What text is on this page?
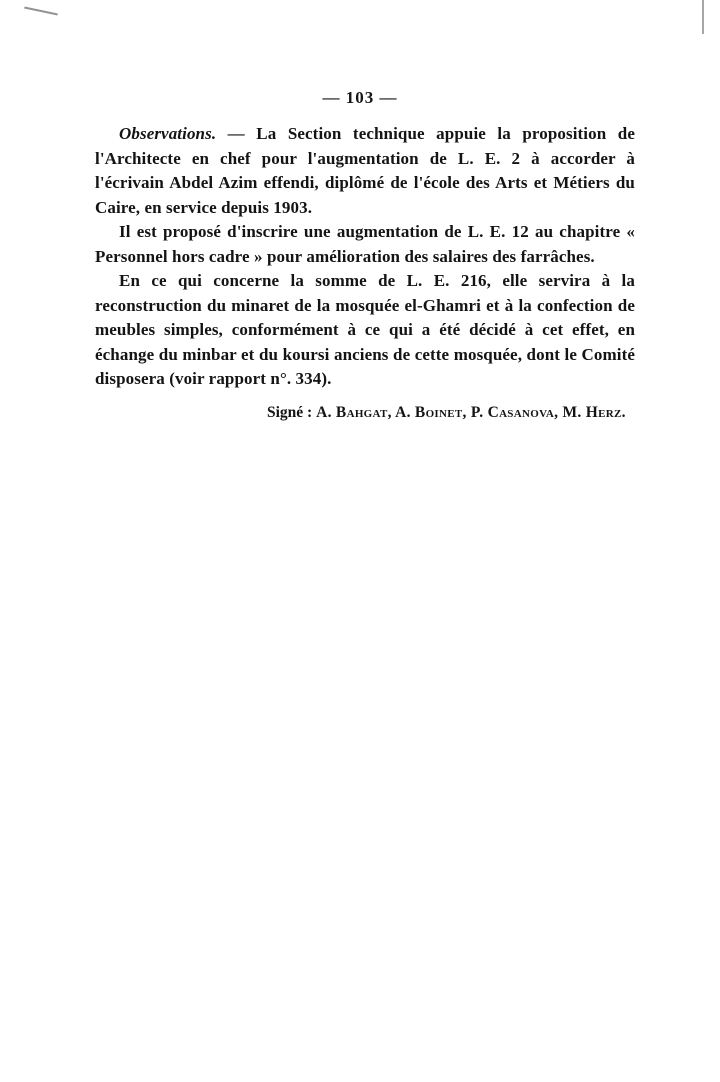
— 103 —

Observations. — La Section technique appuie la proposition de l'Architecte en chef pour l'augmentation de L. E. 2 à accorder à l'écrivain Abdel Azim effendi, diplômé de l'école des Arts et Métiers du Caire, en service depuis 1903.

Il est proposé d'inscrire une augmentation de L. E. 12 au chapitre « Personnel hors cadre » pour amélioration des salaires des farrâches.

En ce qui concerne la somme de L. E. 216, elle servira à la reconstruction du minaret de la mosquée el-Ghamri et à la confection de meubles simples, conformément à ce qui a été décidé à cet effet, en échange du minbar et du koursi anciens de cette mosquée, dont le Comité disposera (voir rapport n°. 334).

Signé : A. Bahgat, A. Boinet, P. Casanova, M. Herz.
